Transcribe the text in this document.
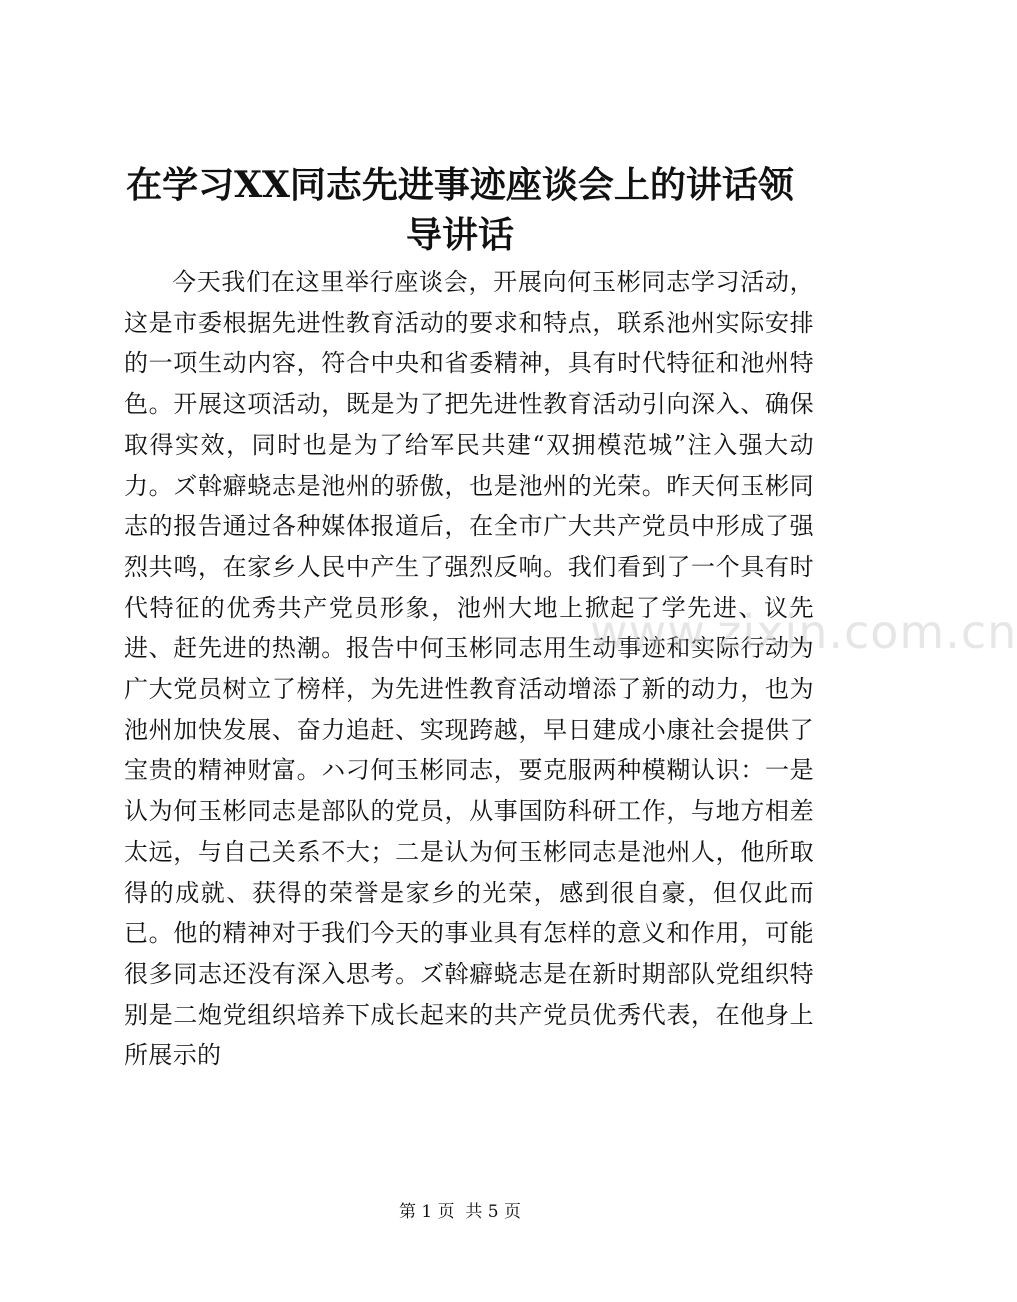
在学习XX同志先进事迹座谈会上的讲话领导讲话

今天我们在这里举行座谈会，开展向何玉彬同志学习活动，这是市委根据先进性教育活动的要求和特点，联系池州实际安排的一项生动内容，符合中央和省委精神，具有时代特征和池州特色。开展这项活动，既是为了把先进性教育活动引向深入、确保取得实效，同时也是为了给军民共建“双拥模范城”注入强大动力。ズ斡癖蛲志是池州的骄傲，也是池州的光荣。昨天何玉彬同志的报告通过各种媒体报道后，在全市广大共产党员中形成了强烈共鸣，在家乡人民中产生了强烈反响。我们看到了一个具有时代特征的优秀共产党员形象，池州大地上掀起了学先进、议先进、赶先进的热潮。报告中何玉彬同志用生动事迹和实际行动为广大党员树立了榜样，为先进性教育活动增添了新的动力，也为池州加快发展、奋力追赶、实现跨越，早日建成小康社会提供了宝贵的精神财富。ハ刁何玉彬同志，要克服两种模糊认识：一是认为何玉彬同志是部队的党员，从事国防科研工作，与地方相差太远，与自己关系不大；二是认为何玉彬同志是池州人，他所取得的成就、获得的荣誉是家乡的光荣，感到很自豪，但仅此而已。他的精神对于我们今天的事业具有怎样的意义和作用，可能很多同志还没有深入思考。ズ斡癖蛲志是在新时期部队党组织特别是二炮党组织培养下成长起来的共产党员优秀代表，在他身上所展示的

www.zixin.com.cn
第 1 页 共 5 页
